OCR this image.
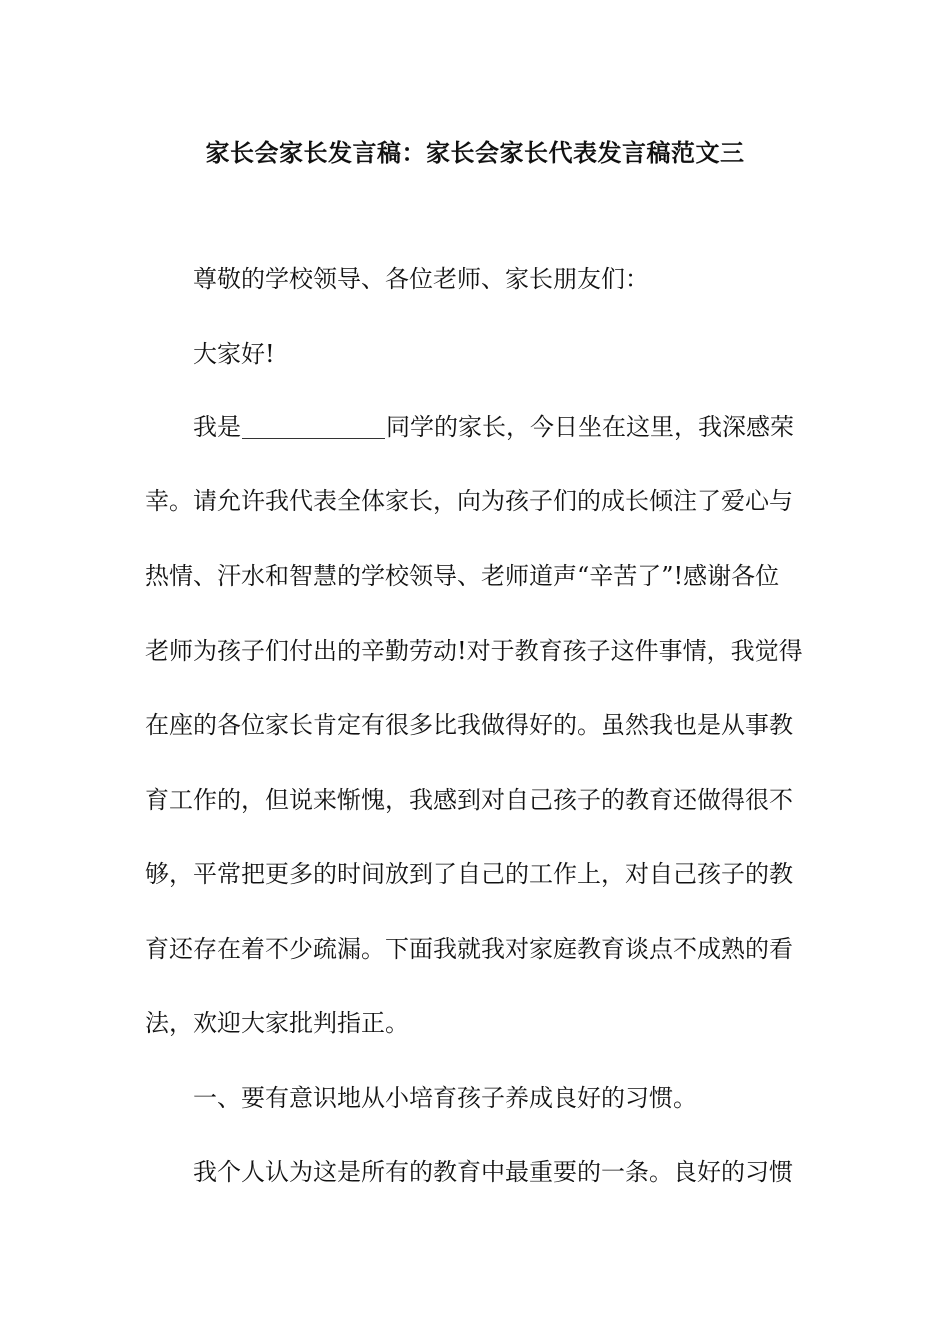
家长会家长发言稿：家长会家长代表发言稿范文三
尊敬的学校领导、各位老师、家长朋友们：
大家好!
我是	同学的家长，今日坐在这里，我深感荣
幸。请允许我代表全体家长，向为孩子们的成长倾注了爱心与
热情、汗水和智慧的学校领导、老师道声“辛苦了”!感谢各位
老师为孩子们付出的辛勤劳动!对于教育孩子这件事情，我觉得
在座的各位家长肯定有很多比我做得好的。虽然我也是从事教
育工作的，但说来惭愧，我感到对自己孩子的教育还做得很不
够，平常把更多的时间放到了自己的工作上，对自己孩子的教
育还存在着不少疏漏。下面我就我对家庭教育谈点不成熟的看
法，欢迎大家批判指正。
一、要有意识地从小培育孩子养成良好的习惯。
我个人认为这是所有的教育中最重要的一条。良好的习惯
